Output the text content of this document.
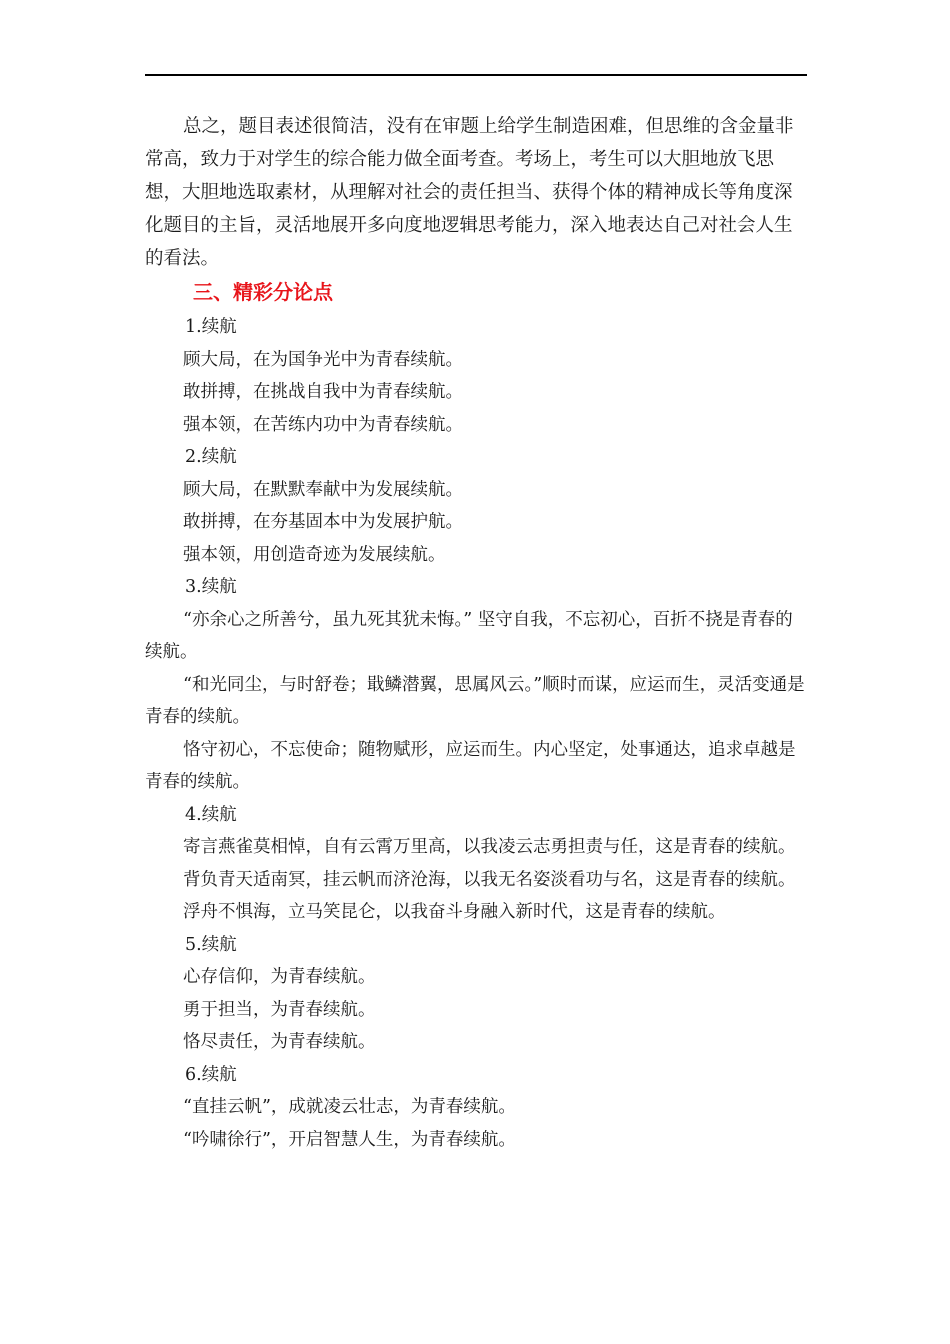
总之，题目表述很简洁，没有在审题上给学生制造困难，但思维的含金量非常高，致力于对学生的综合能力做全面考查。考场上，考生可以大胆地放飞思想，大胆地选取素材，从理解对社会的责任担当、获得个体的精神成长等角度深化题目的主旨，灵活地展开多向度地逻辑思考能力，深入地表达自己对社会人生的看法。

三、精彩分论点

1.续航

顾大局，在为国争光中为青春续航。

敢拼搏，在挑战自我中为青春续航。

强本领，在苦练内功中为青春续航。

2.续航

顾大局，在默默奉献中为发展续航。

敢拼搏，在夯基固本中为发展护航。

强本领，用创造奇迹为发展续航。

3.续航

“亦余心之所善兮，虽九死其犹未悔。” 坚守自我，不忘初心，百折不挠是青春的续航。

“和光同尘，与时舒卷；戢鳞潜翼，思属风云。”顺时而谋，应运而生，灵活变通是青春的续航。

恪守初心，不忘使命；随物赋形，应运而生。内心坚定，处事通达，追求卓越是青春的续航。

4.续航

寄言燕雀莫相悼，自有云霄万里高，以我凌云志勇担责与任，这是青春的续航。

背负青天适南冥，挂云帆而济沧海，以我无名姿淡看功与名，这是青春的续航。

浮舟不惧海，立马笑昆仑，以我奋斗身融入新时代，这是青春的续航。

5.续航

心存信仰，为青春续航。

勇于担当，为青春续航。

恪尽责任，为青春续航。

6.续航

“直挂云帆”，成就凌云壮志，为青春续航。

“吟啸徐行”，开启智慧人生，为青春续航。
